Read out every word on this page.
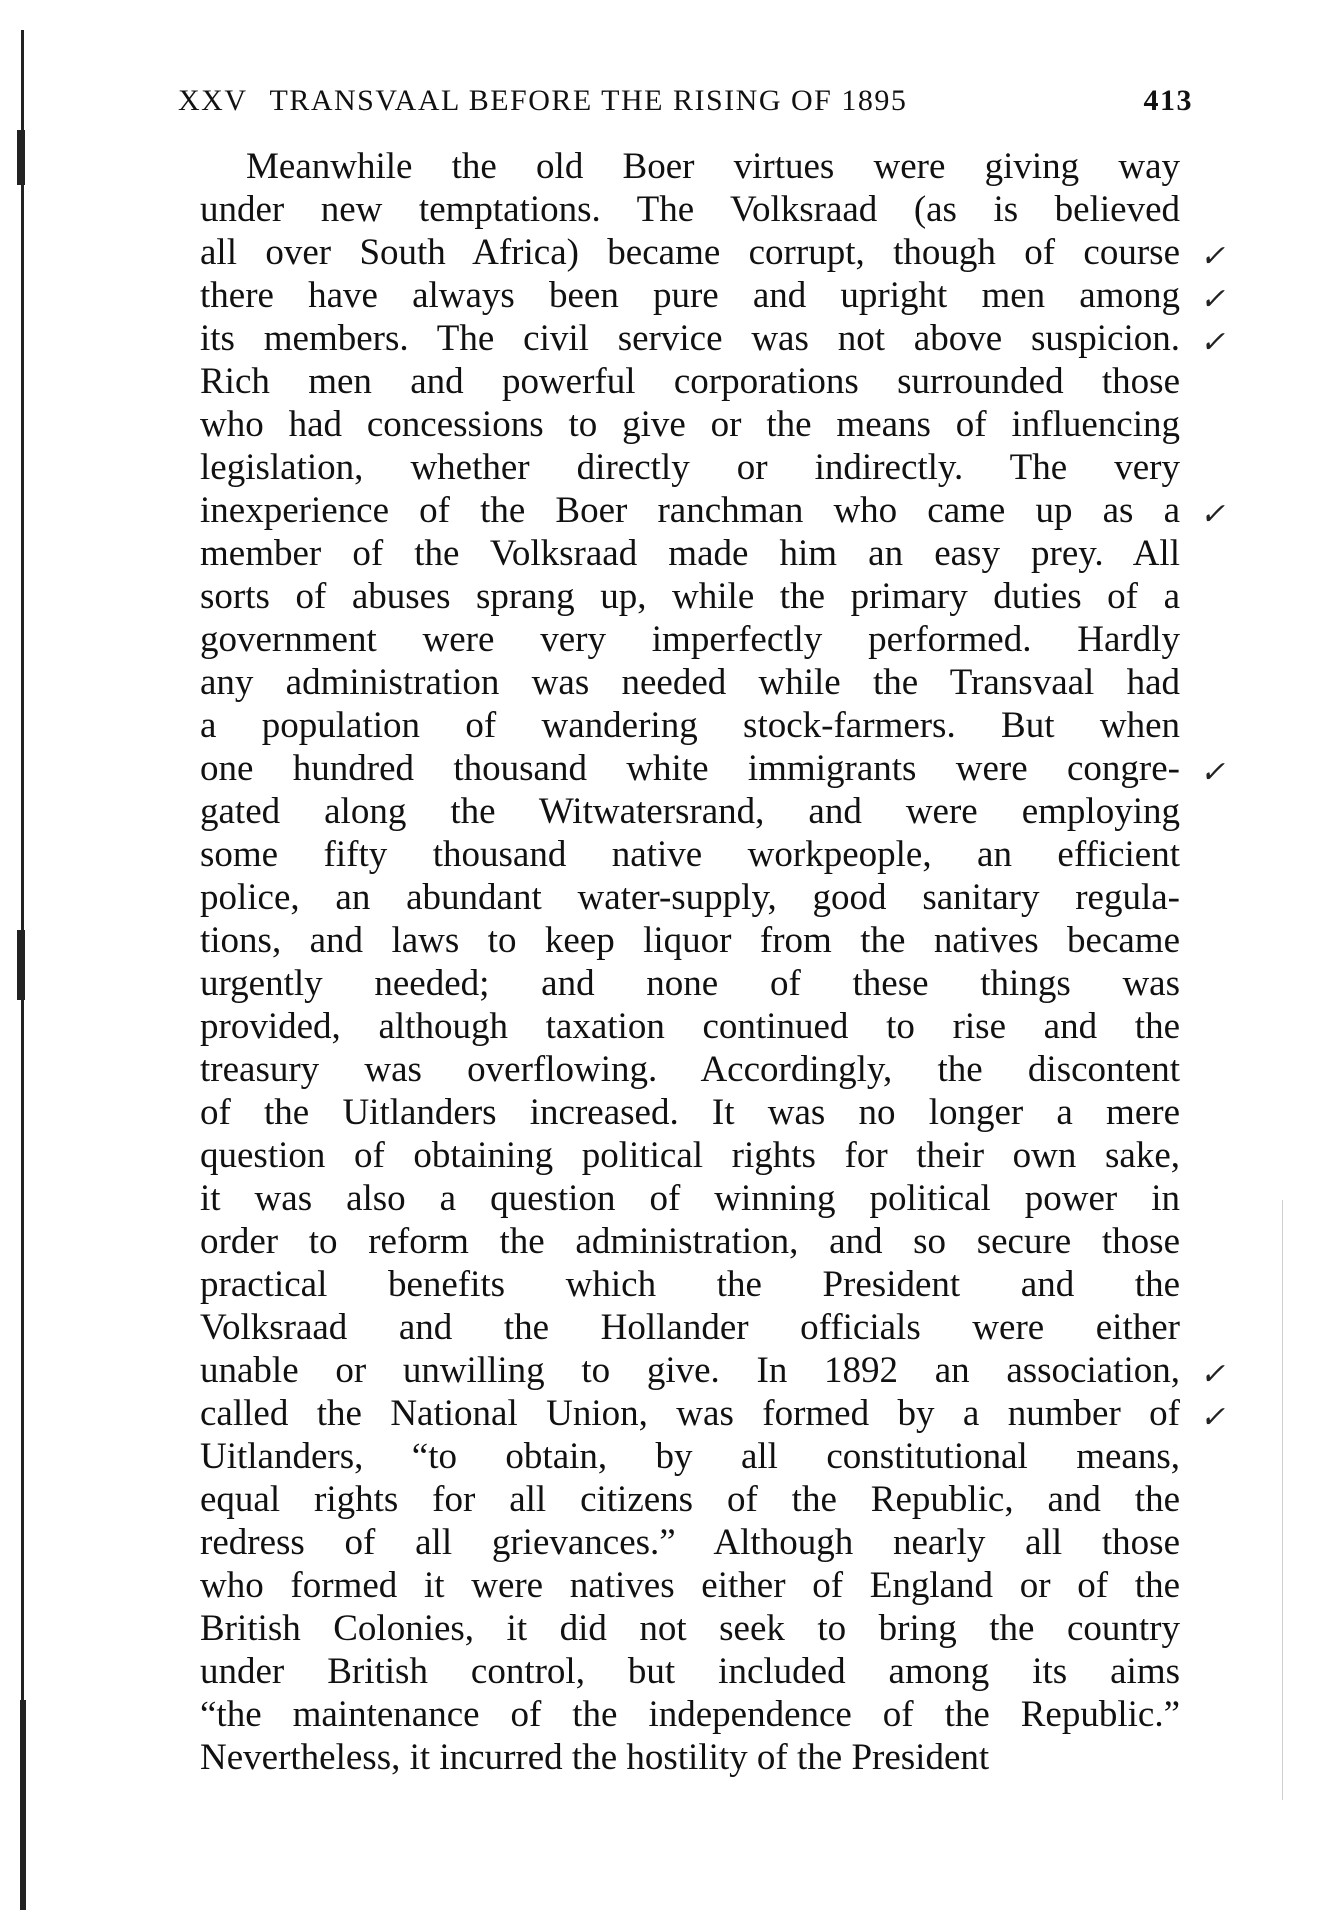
XXV TRANSVAAL BEFORE THE RISING OF 1895	413
Meanwhile the old Boer virtues were giving way
under new temptations. The Volksraad (as is believed
all over South Africa) became corrupt, though of course ✓
there have always been pure and upright men among ✓
its members. The civil service was not above suspicion. ✓
Rich men and powerful corporations surrounded those
who had concessions to give or the means of influencing
legislation, whether directly or indirectly. The very
inexperience of the Boer ranchman who came up as a ✓
member of the Volksraad made him an easy prey. All
sorts of abuses sprang up, while the primary duties of a
government were very imperfectly performed. Hardly
any administration was needed while the Transvaal had
a population of wandering stock-farmers. But when
one hundred thousand white immigrants were congre- ✓
gated along the Witwatersrand, and were employing
some fifty thousand native workpeople, an efficient
police, an abundant water-supply, good sanitary regula-
tions, and laws to keep liquor from the natives became
urgently needed; and none of these things was
provided, although taxation continued to rise and the
treasury was overflowing. Accordingly, the discontent
of the Uitlanders increased. It was no longer a mere
question of obtaining political rights for their own sake,
it was also a question of winning political power in
order to reform the administration, and so secure those
practical benefits which the President and the
Volksraad and the Hollander officials were either
unable or unwilling to give. In 1892 an association, ✓
called the National Union, was formed by a number of ✓
Uitlanders, “to obtain, by all constitutional means,
equal rights for all citizens of the Republic, and the
redress of all grievances.” Although nearly all those
who formed it were natives either of England or of the
British Colonies, it did not seek to bring the country
under British control, but included among its aims
“the maintenance of the independence of the Republic.”
Nevertheless, it incurred the hostility of the President
